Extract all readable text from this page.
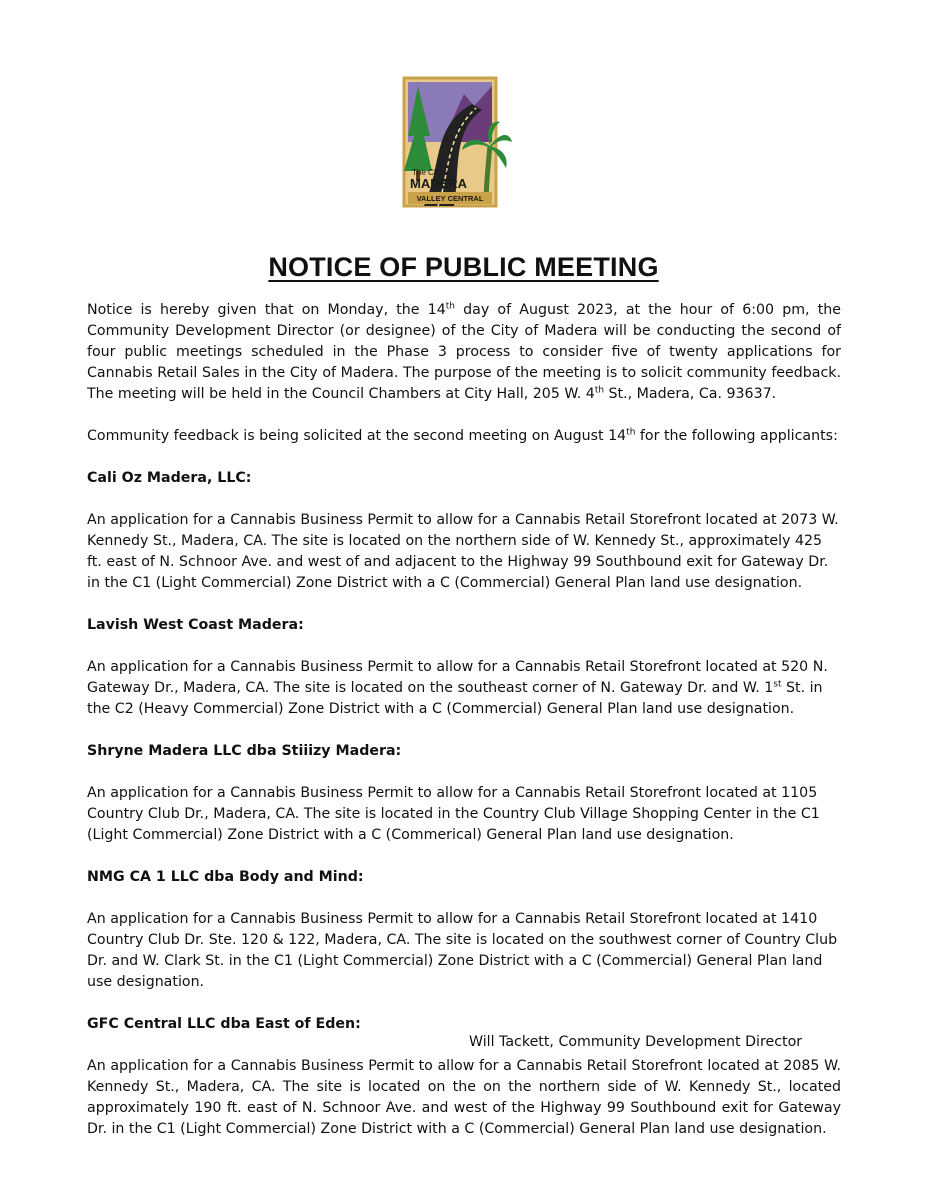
The City of
MADERA
VALLEY CENTRAL
NOTICE OF PUBLIC MEETING

Notice is hereby given that on Monday, the 14th day of August 2023, at the hour of 6:00 pm, the Community Development Director (or designee) of the City of Madera will be conducting the second of four public meetings scheduled in the Phase 3 process to consider five of twenty applications for Cannabis Retail Sales in the City of Madera. The purpose of the meeting is to solicit community feedback. The meeting will be held in the Council Chambers at City Hall, 205 W. 4th St., Madera, Ca. 93637.

Community feedback is being solicited at the second meeting on August 14th for the following applicants:

Cali Oz Madera, LLC:

An application for a Cannabis Business Permit to allow for a Cannabis Retail Storefront located at 2073 W. Kennedy St., Madera, CA. The site is located on the northern side of W. Kennedy St., approximately 425 ft. east of N. Schnoor Ave. and west of and adjacent to the Highway 99 Southbound exit for Gateway Dr. in the C1 (Light Commercial) Zone District with a C (Commercial) General Plan land use designation.

Lavish West Coast Madera:

An application for a Cannabis Business Permit to allow for a Cannabis Retail Storefront located at 520 N. Gateway Dr., Madera, CA. The site is located on the southeast corner of N. Gateway Dr. and W. 1st St. in the C2 (Heavy Commercial) Zone District with a C (Commercial) General Plan land use designation.

Shryne Madera LLC dba Stiiizy Madera:

An application for a Cannabis Business Permit to allow for a Cannabis Retail Storefront located at 1105 Country Club Dr., Madera, CA. The site is located in the Country Club Village Shopping Center in the C1 (Light Commercial) Zone District with a C (Commerical) General Plan land use designation.

NMG CA 1 LLC dba Body and Mind:

An application for a Cannabis Business Permit to allow for a Cannabis Retail Storefront located at 1410 Country Club Dr. Ste. 120 & 122, Madera, CA. The site is located on the southwest corner of Country Club Dr. and W. Clark St. in the C1 (Light Commercial) Zone District with a C (Commercial) General Plan land use designation.

GFC Central LLC dba East of Eden:

An application for a Cannabis Business Permit to allow for a Cannabis Retail Storefront located at 2085 W. Kennedy St., Madera, CA. The site is located on the on the northern side of W. Kennedy St., located approximately 190 ft. east of N. Schnoor Ave. and west of the Highway 99 Southbound exit for Gateway Dr. in the C1 (Light Commercial) Zone District with a C (Commercial) General Plan land use designation.

Will Tackett, Community Development Director
